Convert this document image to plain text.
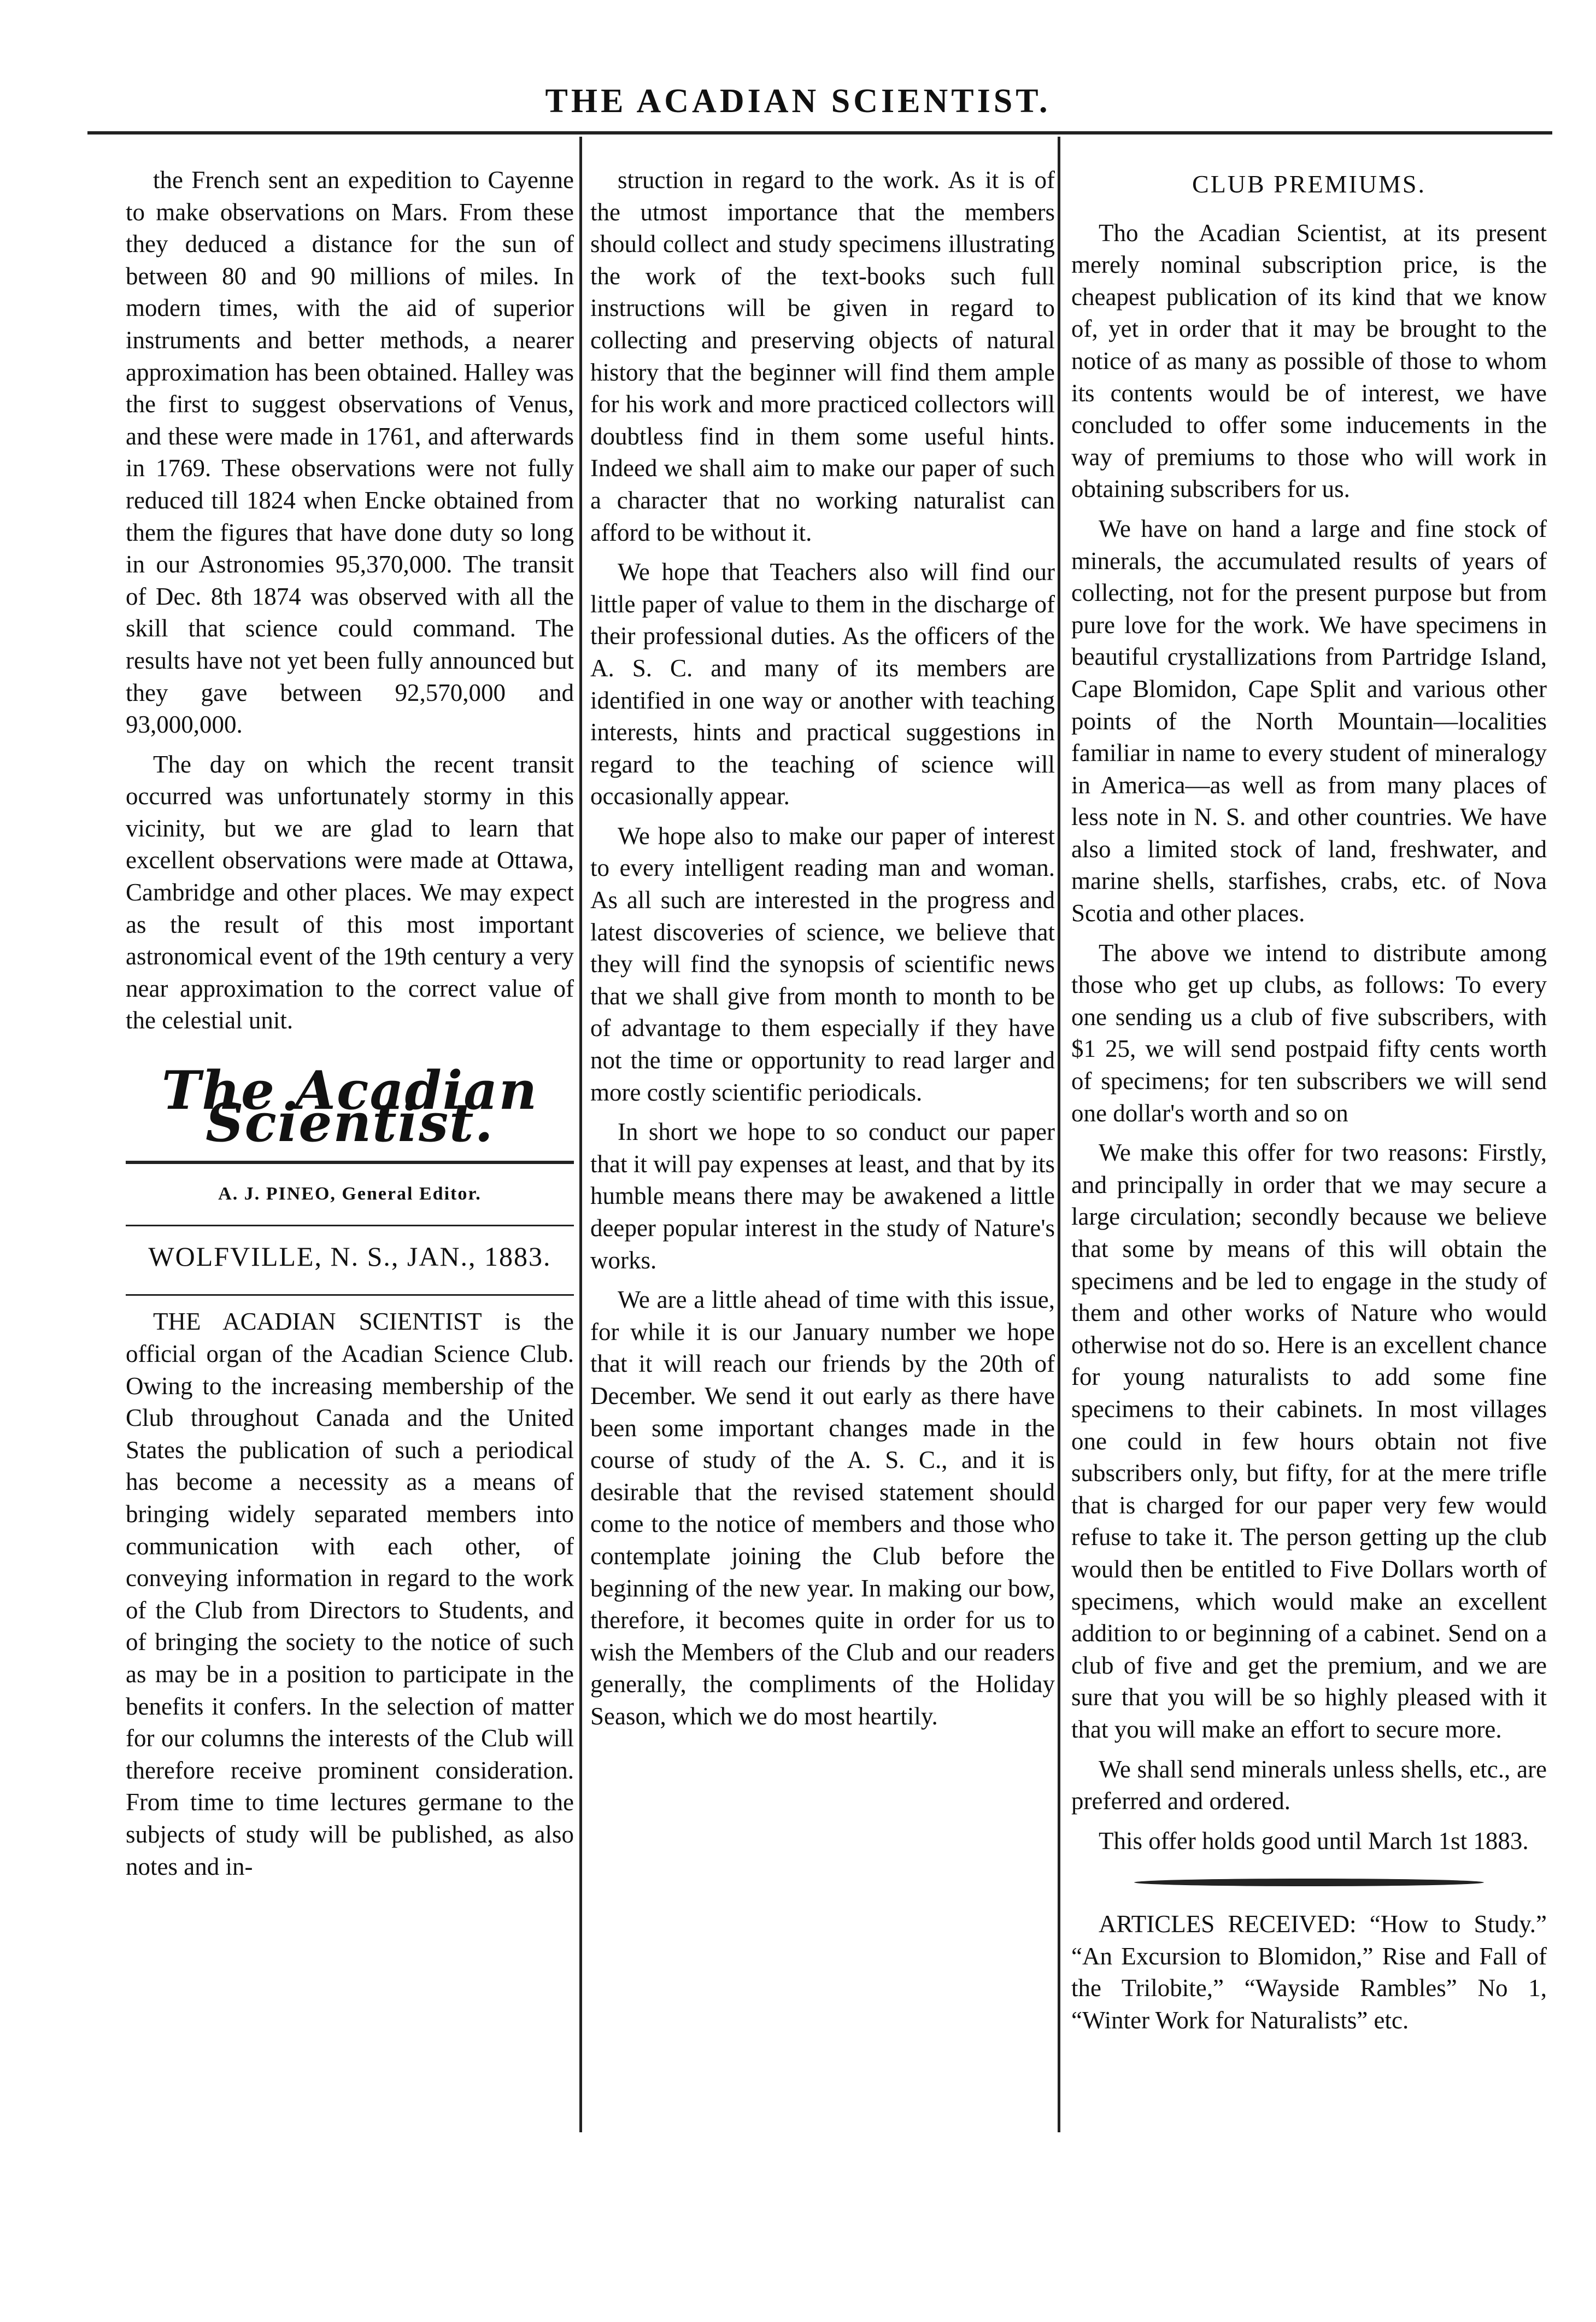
THE ACADIAN SCIENTIST.

the French sent an expedition to Cayenne to make observations on Mars. From these they deduced a distance for the sun of between 80 and 90 millions of miles. In modern times, with the aid of superior instruments and better methods, a nearer approximation has been obtained. Halley was the first to suggest observations of Venus, and these were made in 1761, and afterwards in 1769. These observations were not fully reduced till 1824 when Encke obtained from them the figures that have done duty so long in our Astronomies 95,370,000. The transit of Dec. 8th 1874 was observed with all the skill that science could command. The results have not yet been fully announced but they gave between 92,570,000 and 93,000,000.

The day on which the recent transit occurred was unfortunately stormy in this vicinity, but we are glad to learn that excellent observations were made at Ottawa, Cambridge and other places. We may expect as the result of this most important astronomical event of the 19th century a very near approximation to the correct value of the celestial unit.

The Acadian Scientist.
A. J. PINEO, General Editor.
WOLFVILLE, N. S., JAN., 1883.

THE ACADIAN SCIENTIST is the official organ of the Acadian Science Club. Owing to the increasing membership of the Club throughout Canada and the United States the publication of such a periodical has become a necessity as a means of bringing widely separated members into communication with each other, of conveying information in regard to the work of the Club from Directors to Students, and of bringing the society to the notice of such as may be in a position to participate in the benefits it confers. In the selection of matter for our columns the interests of the Club will therefore receive prominent consideration. From time to time lectures germane to the subjects of study will be published, as also notes and in-

struction in regard to the work. As it is of the utmost importance that the members should collect and study specimens illustrating the work of the text-books such full instructions will be given in regard to collecting and preserving objects of natural history that the beginner will find them ample for his work and more practiced collectors will doubtless find in them some useful hints. Indeed we shall aim to make our paper of such a character that no working naturalist can afford to be without it.

We hope that Teachers also will find our little paper of value to them in the discharge of their professional duties. As the officers of the A. S. C. and many of its members are identified in one way or another with teaching interests, hints and practical suggestions in regard to the teaching of science will occasionally appear.

We hope also to make our paper of interest to every intelligent reading man and woman. As all such are interested in the progress and latest discoveries of science, we believe that they will find the synopsis of scientific news that we shall give from month to month to be of advantage to them especially if they have not the time or opportunity to read larger and more costly scientific periodicals.

In short we hope to so conduct our paper that it will pay expenses at least, and that by its humble means there may be awakened a little deeper popular interest in the study of Nature's works.

We are a little ahead of time with this issue, for while it is our January number we hope that it will reach our friends by the 20th of December. We send it out early as there have been some important changes made in the course of study of the A. S. C., and it is desirable that the revised statement should come to the notice of members and those who contemplate joining the Club before the beginning of the new year. In making our bow, therefore, it becomes quite in order for us to wish the Members of the Club and our readers generally, the compliments of the Holiday Season, which we do most heartily.

CLUB PREMIUMS.

Tho the Acadian Scientist, at its present merely nominal subscription price, is the cheapest publication of its kind that we know of, yet in order that it may be brought to the notice of as many as possible of those to whom its contents would be of interest, we have concluded to offer some inducements in the way of premiums to those who will work in obtaining subscribers for us.

We have on hand a large and fine stock of minerals, the accumulated results of years of collecting, not for the present purpose but from pure love for the work. We have specimens in beautiful crystallizations from Partridge Island, Cape Blomidon, Cape Split and various other points of the North Mountain—localities familiar in name to every student of mineralogy in America—as well as from many places of less note in N. S. and other countries. We have also a limited stock of land, freshwater, and marine shells, starfishes, crabs, etc. of Nova Scotia and other places.

The above we intend to distribute among those who get up clubs, as follows: To every one sending us a club of five subscribers, with $1 25, we will send postpaid fifty cents worth of specimens; for ten subscribers we will send one dollar's worth and so on

We make this offer for two reasons: Firstly, and principally in order that we may secure a large circulation; secondly because we believe that some by means of this will obtain the specimens and be led to engage in the study of them and other works of Nature who would otherwise not do so. Here is an excellent chance for young naturalists to add some fine specimens to their cabinets. In most villages one could in few hours obtain not five subscribers only, but fifty, for at the mere trifle that is charged for our paper very few would refuse to take it. The person getting up the club would then be entitled to Five Dollars worth of specimens, which would make an excellent addition to or beginning of a cabinet. Send on a club of five and get the premium, and we are sure that you will be so highly pleased with it that you will make an effort to secure more.

We shall send minerals unless shells, etc., are preferred and ordered.

This offer holds good until March 1st 1883.

ARTICLES RECEIVED: “How to Study.” “An Excursion to Blomidon,” Rise and Fall of the Trilobite,” “Wayside Rambles” No 1, “Winter Work for Naturalists” etc.
